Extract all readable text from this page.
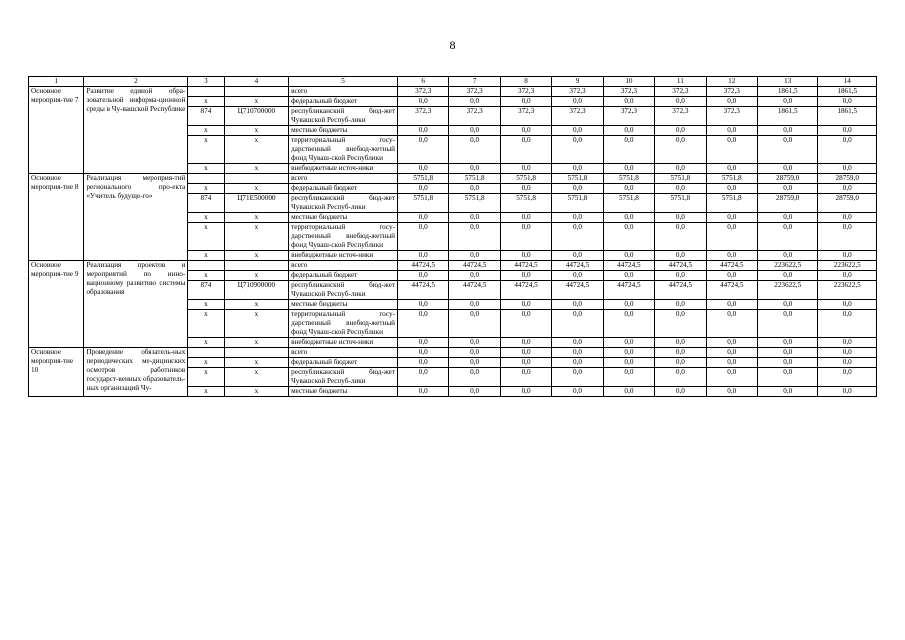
8
1	2	3	4	5	6	7	8	9	10	11	12	13	14
Основное мероприя-тие 7	Развитие единой обра-зовательной информа-ционной среды в Чу-вашской Республике			всего	372,3	372,3	372,3	372,3	372,3	372,3	372,3	1861,5	1861,5
		х	х	федеральный бюджет	0,0	0,0	0,0	0,0	0,0	0,0	0,0	0,0	0,0
		874	Ц710700000	республиканский бюд-жет Чувашской Респуб-лики	372,3	372,3	372,3	372,3	372,3	372,3	372,3	1861,5	1861,5
		х	х	местные бюджеты	0,0	0,0	0,0	0,0	0,0	0,0	0,0	0,0	0,0
		х	х	территориальный госу-дарственный внебюд-жетный фонд Чуваш-ской Республики	0,0	0,0	0,0	0,0	0,0	0,0	0,0	0,0	0,0
		х	х	внебюджетные источ-ники	0,0	0,0	0,0	0,0	0,0	0,0	0,0	0,0	0,0
Основное мероприя-тие 8	Реализация мероприя-тий регионального про-екта «Учитель будуще-го»			всего	5751,8	5751,8	5751,8	5751,8	5751,8	5751,8	5751,8	28759,0	28759,0
		х	х	федеральный бюджет	0,0	0,0	0,0	0,0	0,0	0,0	0,0	0,0	0,0
		874	Ц71E500000	республиканский бюд-жет Чувашской Респуб-лики	5751,8	5751,8	5751,8	5751,8	5751,8	5751,8	5751,8	28759,0	28759,0
		х	х	местные бюджеты	0,0	0,0	0,0	0,0	0,0	0,0	0,0	0,0	0,0
		х	х	территориальный госу-дарственный внебюд-жетный фонд Чуваш-ской Республики	0,0	0,0	0,0	0,0	0,0	0,0	0,0	0,0	0,0
		х	х	внебюджетные источ-ники	0,0	0,0	0,0	0,0	0,0	0,0	0,0	0,0	0,0
Основное мероприя-тие 9	Реализация проектов и мероприятий по инно-вационному развитию системы образования			всего	44724,5	44724,5	44724,5	44724,5	44724,5	44724,5	44724,5	223622,5	223622,5
		х	х	федеральный бюджет	0,0	0,0	0,0	0,0	0,0	0,0	0,0	0,0	0,0
		874	Ц710900000	республиканский бюд-жет Чувашской Респуб-лики	44724,5	44724,5	44724,5	44724,5	44724,5	44724,5	44724,5	223622,5	223622,5
		х	х	местные бюджеты	0,0	0,0	0,0	0,0	0,0	0,0	0,0	0,0	0,0
		х	х	территориальный госу-дарственный внебюд-жетный фонд Чуваш-ской Республики	0,0	0,0	0,0	0,0	0,0	0,0	0,0	0,0	0,0
		х	х	внебюджетные источ-ники	0,0	0,0	0,0	0,0	0,0	0,0	0,0	0,0	0,0
Основное мероприя-тие 10	Проведение обязатель-ных периодических ме-дицинских осмотров работников государст-венных образователь-ных организаций Чу-			всего	0,0	0,0	0,0	0,0	0,0	0,0	0,0	0,0	0,0
		х	х	федеральный бюджет	0,0	0,0	0,0	0,0	0,0	0,0	0,0	0,0	0,0
		х	х	республиканский бюд-жет Чувашской Респуб-лики	0,0	0,0	0,0	0,0	0,0	0,0	0,0	0,0	0,0
		х	х	местные бюджеты	0,0	0,0	0,0	0,0	0,0	0,0	0,0	0,0	0,0
